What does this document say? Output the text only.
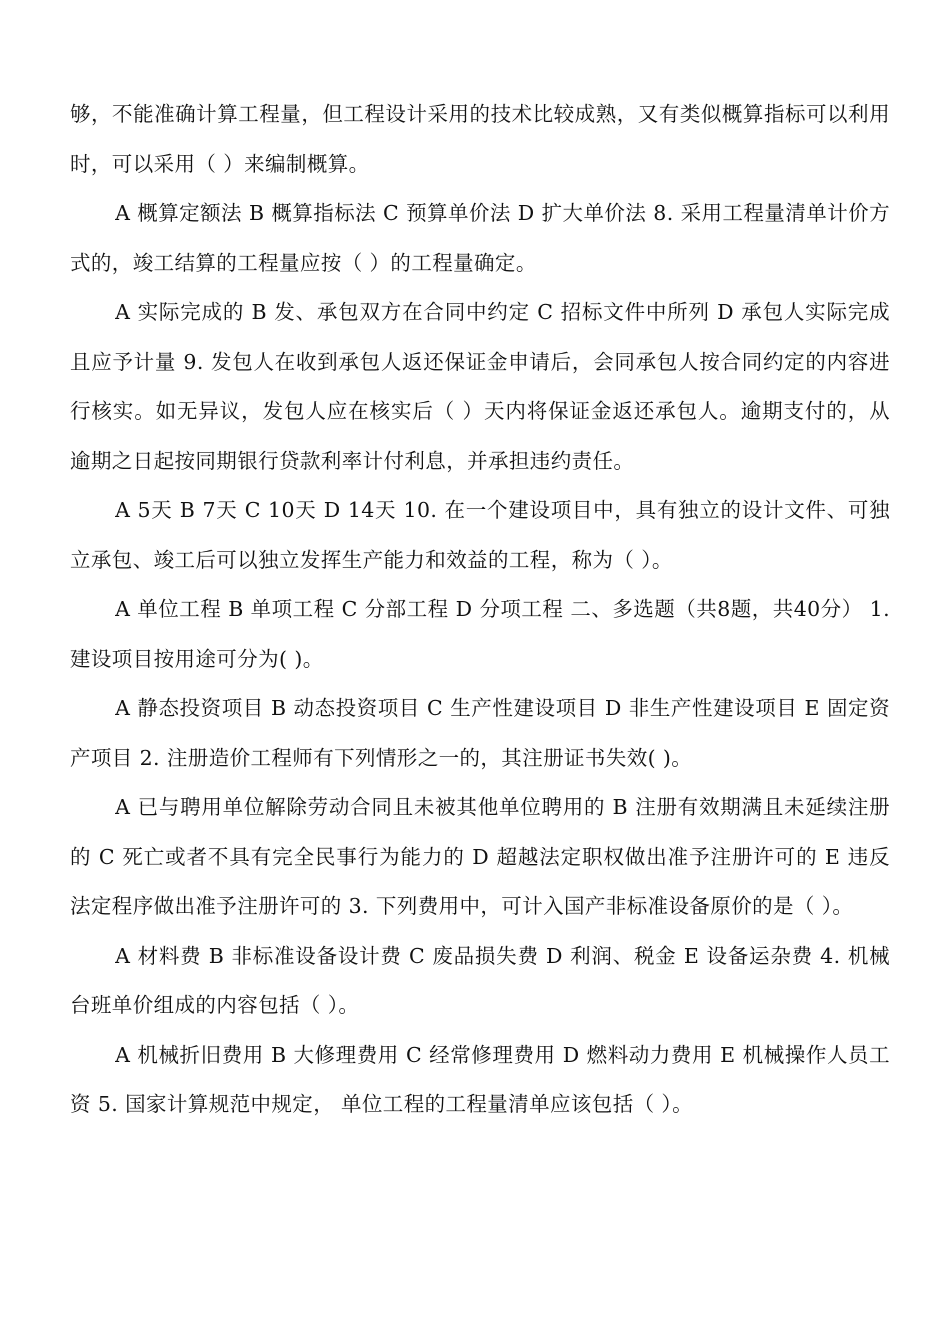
够，不能准确计算工程量，但工程设计采用的技术比较成熟，又有类似概算指标可以利用时，可以采用（ ）来编制概算。

A 概算定额法 B 概算指标法 C 预算单价法 D 扩大单价法 8. 采用工程量清单计价方式的，竣工结算的工程量应按（ ）的工程量确定。

A 实际完成的 B 发、承包双方在合同中约定 C 招标文件中所列 D 承包人实际完成且应予计量 9. 发包人在收到承包人返还保证金申请后，会同承包人按合同约定的内容进行核实。如无异议，发包人应在核实后（ ）天内将保证金返还承包人。逾期支付的，从逾期之日起按同期银行贷款利率计付利息，并承担违约责任。

A 5天 B 7天 C 10天 D 14天 10. 在一个建设项目中，具有独立的设计文件、可独立承包、竣工后可以独立发挥生产能力和效益的工程，称为（ ）。

A 单位工程 B 单项工程 C 分部工程 D 分项工程 二、多选题（共8题，共40分） 1. 建设项目按用途可分为( )。

A 静态投资项目 B 动态投资项目 C 生产性建设项目 D 非生产性建设项目 E 固定资产项目 2. 注册造价工程师有下列情形之一的，其注册证书失效( )。

A 已与聘用单位解除劳动合同且未被其他单位聘用的 B 注册有效期满且未延续注册的 C 死亡或者不具有完全民事行为能力的 D 超越法定职权做出准予注册许可的 E 违反法定程序做出准予注册许可的 3. 下列费用中，可计入国产非标准设备原价的是（ ）。

A 材料费 B 非标准设备设计费 C 废品损失费 D 利润、税金 E 设备运杂费 4. 机械台班单价组成的内容包括（ ）。

A 机械折旧费用 B 大修理费用 C 经常修理费用 D 燃料动力费用 E 机械操作人员工资 5. 国家计算规范中规定， 单位工程的工程量清单应该包括（ ）。
